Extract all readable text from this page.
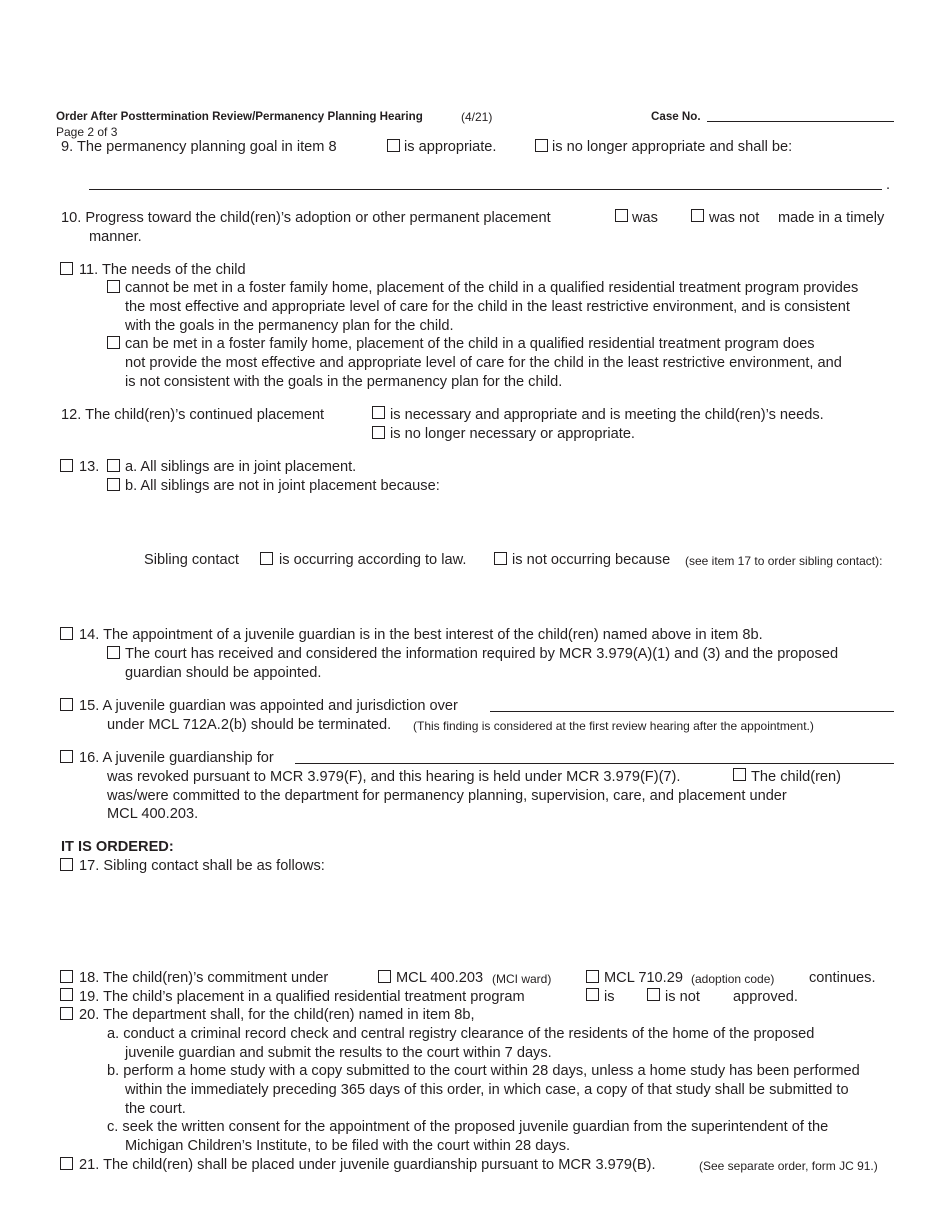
Order After Posttermination Review/Permanency Planning Hearing	(4/21)	Case No.
Page 2 of 3
9. The permanency planning goal in item 8	is appropriate.	is no longer appropriate and shall be:
.
10. Progress toward the child(ren)’s adoption or other permanent placement	was	was not made in a timely
manner.
11. The needs of the child
cannot be met in a foster family home, placement of the child in a qualified residential treatment program provides
the most effective and appropriate level of care for the child in the least restrictive environment, and is consistent
with the goals in the permanency plan for the child.
can be met in a foster family home, placement of the child in a qualified residential treatment program does
not provide the most effective and appropriate level of care for the child in the least restrictive environment, and
is not consistent with the goals in the permanency plan for the child.
12. The child(ren)’s continued placement	is necessary and appropriate and is meeting the child(ren)’s needs.
is no longer necessary or appropriate.
13. a. All siblings are in joint placement.
b. All siblings are not in joint placement because:
Sibling contact	is occurring according to law.	is not occurring because (see item 17 to order sibling contact):
14. The appointment of a juvenile guardian is in the best interest of the child(ren) named above in item 8b.
The court has received and considered the information required by MCR 3.979(A)(1) and (3) and the proposed
guardian should be appointed.
15. A juvenile guardian was appointed and jurisdiction over
under MCL 712A.2(b) should be terminated. (This finding is considered at the first review hearing after the appointment.)
16. A juvenile guardianship for
was revoked pursuant to MCR 3.979(F), and this hearing is held under MCR 3.979(F)(7).	The child(ren)
was/were committed to the department for permanency planning, supervision, care, and placement under
MCL 400.203.
IT IS ORDERED:
17. Sibling contact shall be as follows:
18. The child(ren)’s commitment under	MCL 400.203 (MCI ward)	MCL 710.29 (adoption code) continues.
19. The child’s placement in a qualified residential treatment program	is	is not approved.
20. The department shall, for the child(ren) named in item 8b,
a. conduct a criminal record check and central registry clearance of the residents of the home of the proposed
juvenile guardian and submit the results to the court within 7 days.
b. perform a home study with a copy submitted to the court within 28 days, unless a home study has been performed
within the immediately preceding 365 days of this order, in which case, a copy of that study shall be submitted to
the court.
c. seek the written consent for the appointment of the proposed juvenile guardian from the superintendent of the
Michigan Children’s Institute, to be filed with the court within 28 days.
21. The child(ren) shall be placed under juvenile guardianship pursuant to MCR 3.979(B).	(See separate order, form JC 91.)
